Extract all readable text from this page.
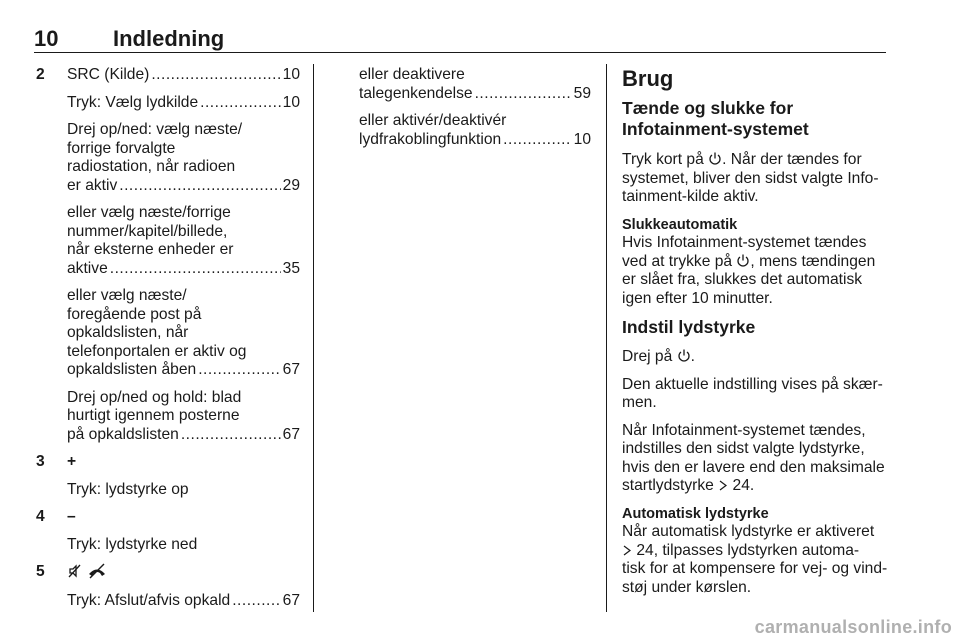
10 Indledning
2 SRC (Kilde) .....	10
Tryk: Vælg lydkilde .....	10
Drej op/ned: vælg næste/
forrige forvalgte
radiostation, når radioen
er aktiv .....	29
eller vælg næste/forrige
nummer/kapitel/billede,
når eksterne enheder er
aktive .....	35
eller vælg næste/
foregående post på
opkaldslisten, når
telefonportalen er aktiv og
opkaldslisten åben .....	67
Drej op/ned og hold: blad
hurtigt igennem posterne
på opkaldslisten .....	67
3 +
Tryk: lydstyrke op
4 –
Tryk: lydstyrke ned
5

Tryk: Afslut/afvis opkald .....	67
eller deaktivere
talegenkendelse .....	59
eller aktivér/deaktivér
lydfrakoblingfunktion .....	10
Brug
Tænde og slukke for
Infotainment-systemet
Tryk kort på . Når der tændes for
systemet, bliver den sidst valgte Info-
tainment-kilde aktiv.
Slukkeautomatik
Hvis Infotainment-systemet tændes
ved at trykke på , mens tændingen
er slået fra, slukkes det automatisk
igen efter 10 minutter.
Indstil lydstyrke
Drej på .
Den aktuelle indstilling vises på skær-
men.
Når Infotainment-systemet tændes,
indstilles den sidst valgte lydstyrke,
hvis den er lavere end den maksimale
startlydstyrke 24.
Automatisk lydstyrke
Når automatisk lydstyrke er aktiveret
24, tilpasses lydstyrken automa-
tisk for at kompensere for vej- og vind-
støj under kørslen.
carmanualsonline.info
